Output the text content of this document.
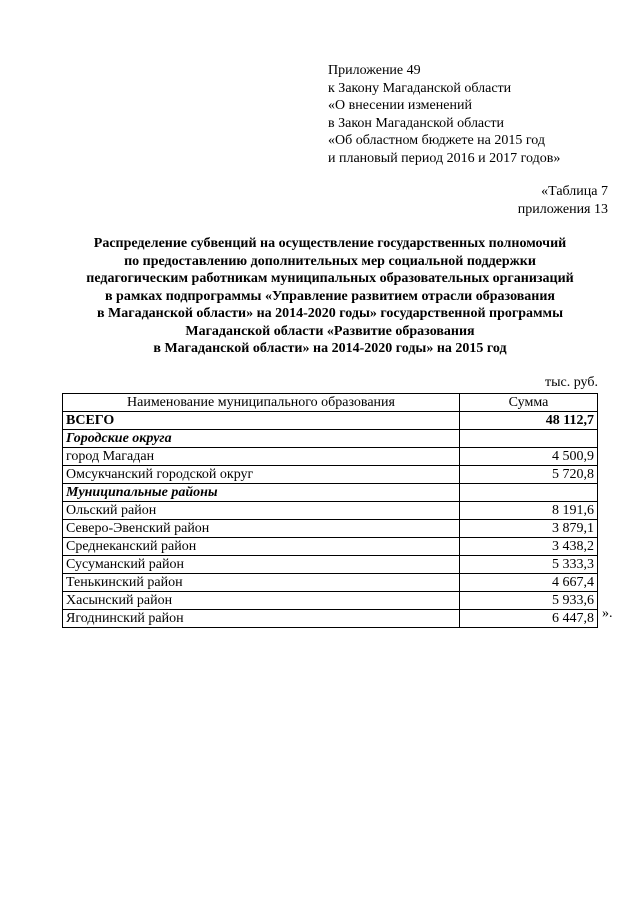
Приложение 49
к Закону Магаданской области
«О внесении изменений
в Закон Магаданской области
«Об областном бюджете на 2015 год
и плановый период 2016 и 2017 годов»
«Таблица 7
приложения 13
Распределение субвенций на осуществление государственных полномочий
по предоставлению дополнительных мер социальной поддержки
педагогическим работникам муниципальных образовательных организаций
в рамках подпрограммы «Управление развитием отрасли образования
в Магаданской области» на 2014-2020 годы» государственной программы
Магаданской области «Развитие образования
в Магаданской области» на 2014-2020 годы» на 2015 год
тыс. руб.
Наименование муниципального образования	Сумма
ВСЕГО	48 112,7
Городские округа	
город Магадан	4 500,9
Омсукчанский городской округ	5 720,8
Муниципальные районы	
Ольский район	8 191,6
Северо-Эвенский район	3 879,1
Среднеканский район	3 438,2
Сусуманский район	5 333,3
Тенькинский район	4 667,4
Хасынский район	5 933,6
Ягоднинский район	6 447,8 ».
